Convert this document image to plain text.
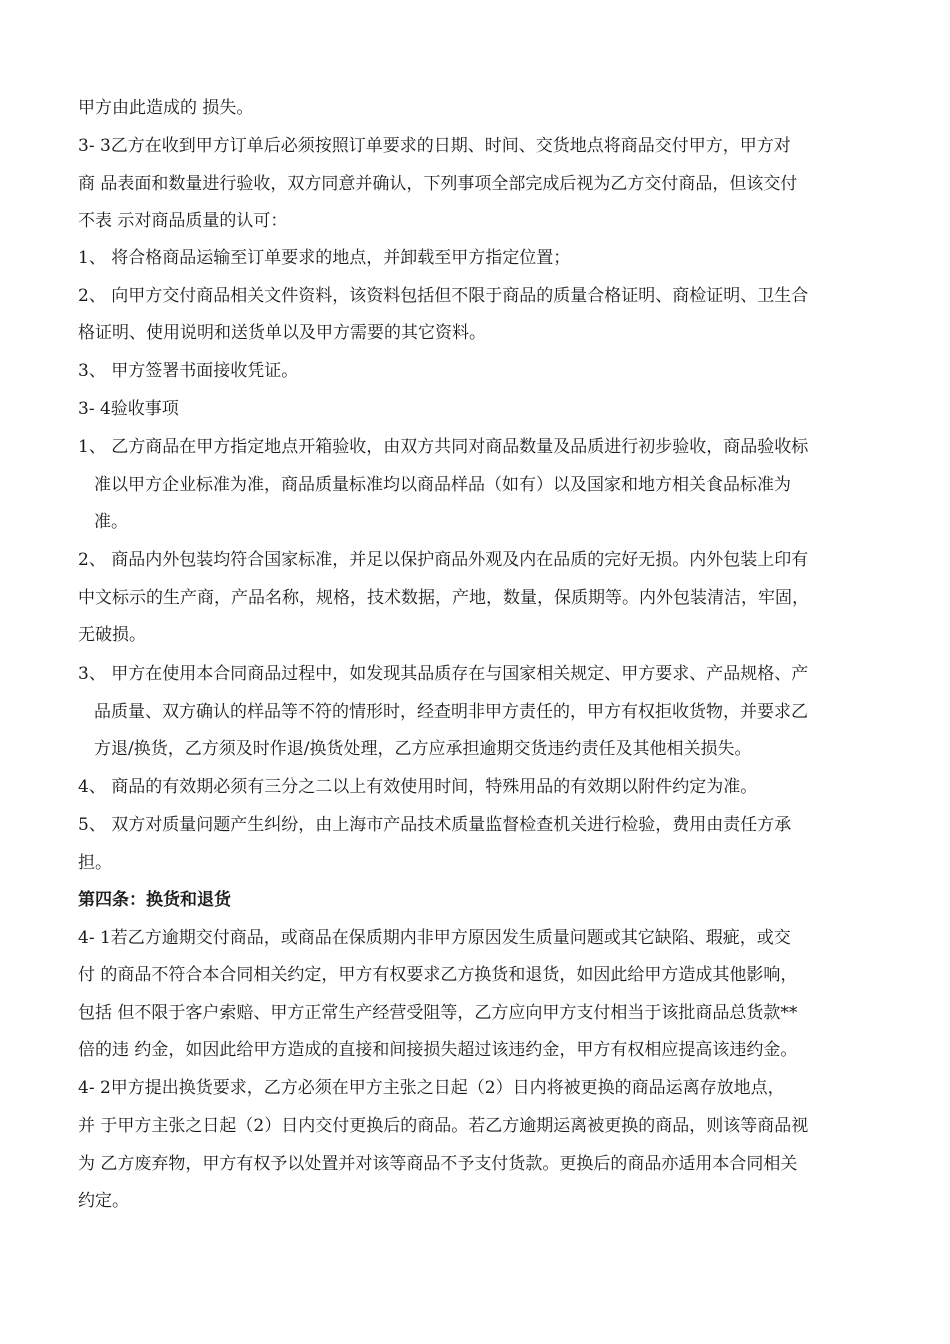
甲方由此造成的 损失。
3- 3乙方在收到甲方订单后必须按照订单要求的日期、时间、交货地点将商品交付甲方，甲方对
商 品表面和数量进行验收，双方同意并确认，下列事项全部完成后视为乙方交付商品，但该交付
不表 示对商品质量的认可：
1、 将合格商品运输至订单要求的地点，并卸载至甲方指定位置；
2、 向甲方交付商品相关文件资料，该资料包括但不限于商品的质量合格证明、商检证明、卫生合
格证明、使用说明和送货单以及甲方需要的其它资料。
3、 甲方签署书面接收凭证。
3- 4验收事项
1、 乙方商品在甲方指定地点开箱验收，由双方共同对商品数量及品质进行初步验收，商品验收标
准以甲方企业标准为准，商品质量标准均以商品样品（如有）以及国家和地方相关食品标准为
准。
2、 商品内外包装均符合国家标准，并足以保护商品外观及内在品质的完好无损。内外包装上印有
中文标示的生产商，产品名称，规格，技术数据，产地，数量，保质期等。内外包装清洁，牢固，
无破损。
3、 甲方在使用本合同商品过程中，如发现其品质存在与国家相关规定、甲方要求、产品规格、产
品质量、双方确认的样品等不符的情形时，经查明非甲方责任的，甲方有权拒收货物，并要求乙
方退/换货，乙方须及时作退/换货处理，乙方应承担逾期交货违约责任及其他相关损失。
4、 商品的有效期必须有三分之二以上有效使用时间，特殊用品的有效期以附件约定为准。
5、 双方对质量问题产生纠纷，由上海市产品技术质量监督检查机关进行检验，费用由责任方承
担。
第四条：换货和退货
4- 1若乙方逾期交付商品，或商品在保质期内非甲方原因发生质量问题或其它缺陷、瑕疵，或交
付 的商品不符合本合同相关约定，甲方有权要求乙方换货和退货，如因此给甲方造成其他影响，
包括 但不限于客户索赔、甲方正常生产经营受阻等，乙方应向甲方支付相当于该批商品总货款**
倍的违 约金，如因此给甲方造成的直接和间接损失超过该违约金，甲方有权相应提高该违约金。
4- 2甲方提出换货要求，乙方必须在甲方主张之日起（2）日内将被更换的商品运离存放地点，
并 于甲方主张之日起（2）日内交付更换后的商品。若乙方逾期运离被更换的商品，则该等商品视
为 乙方废弃物，甲方有权予以处置并对该等商品不予支付货款。更换后的商品亦适用本合同相关
约定。
